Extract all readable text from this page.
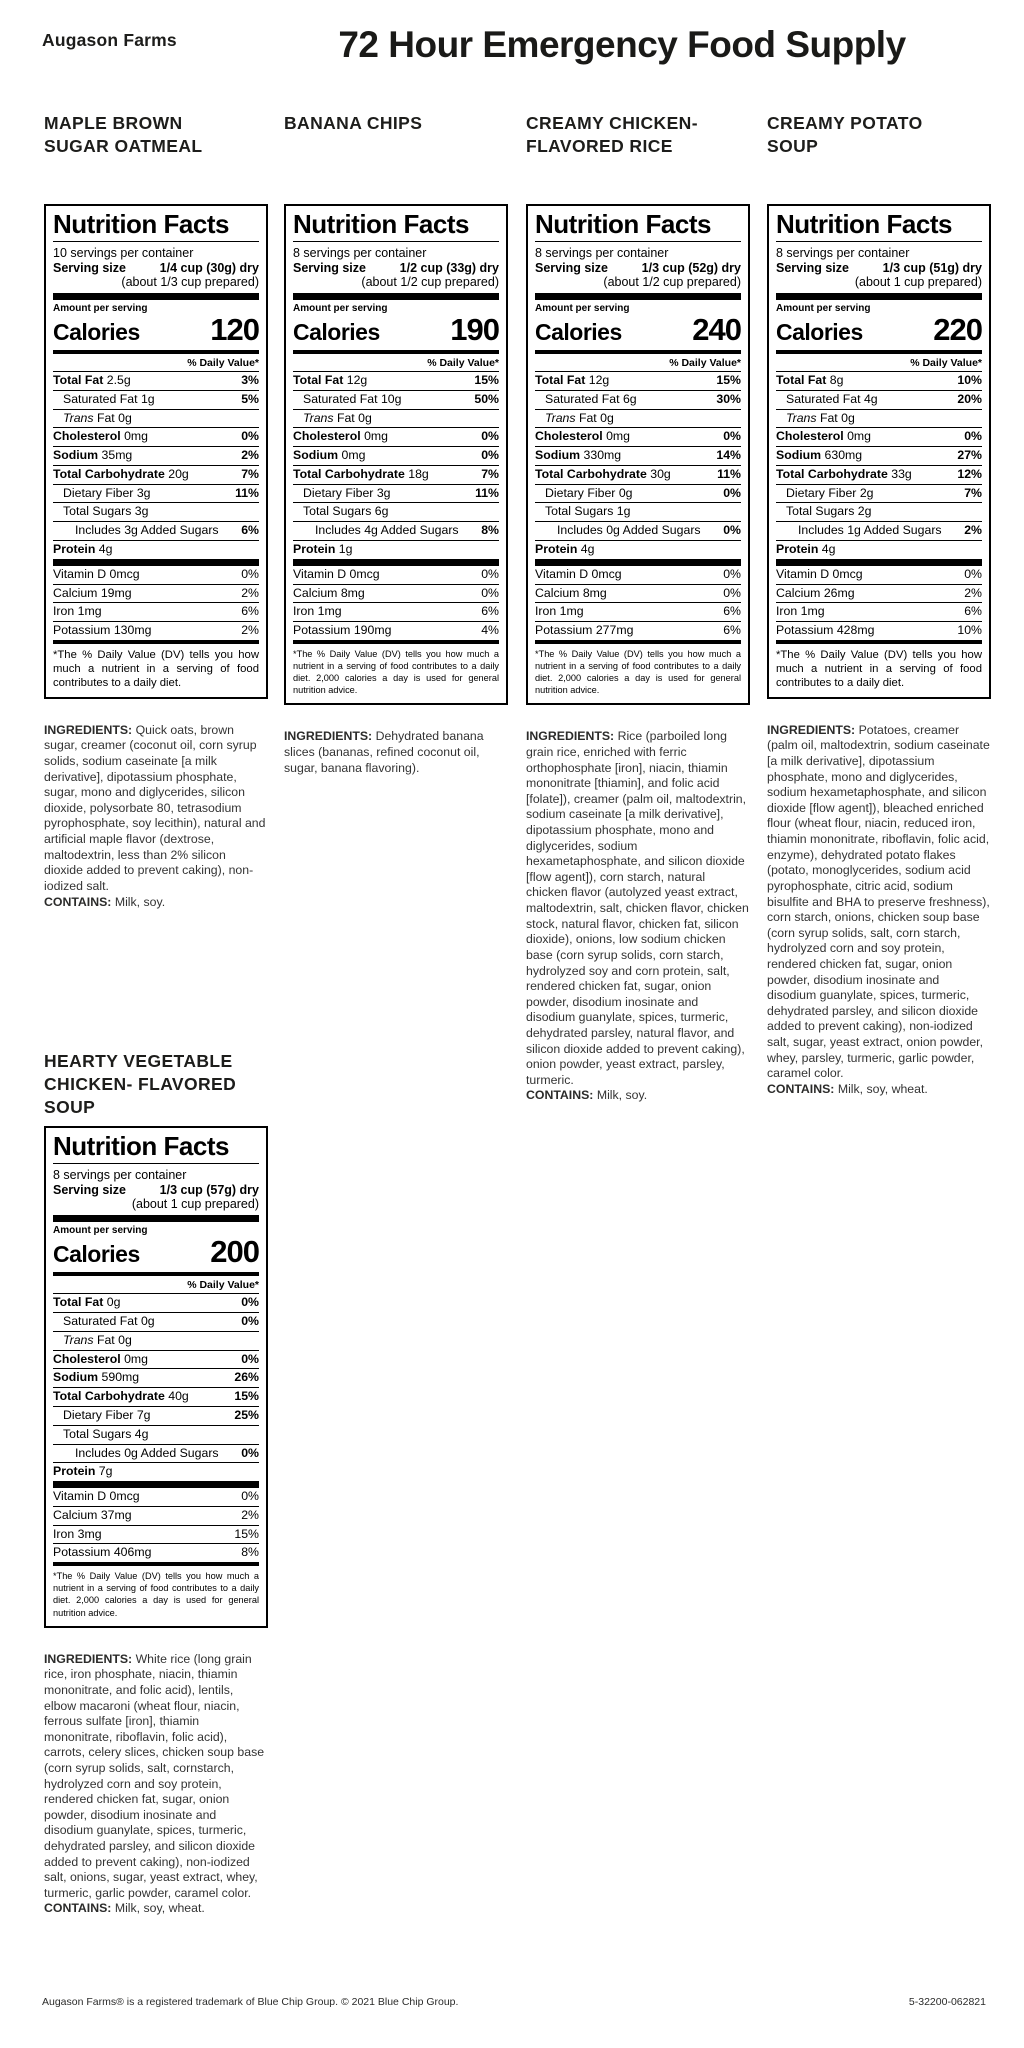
Augason Farms	72 Hour Emergency Food Supply
MAPLE BROWN
SUGAR OATMEAL
Nutrition Facts
10 servings per container
Serving size	1/4 cup (30g) dry
(about 1/3 cup prepared)
Amount per serving
Calories 120
% Daily Value*
Total Fat 2.5g	3%
Saturated Fat 1g	5%
Trans Fat 0g
Cholesterol 0mg	0%
Sodium 35mg	2%
Total Carbohydrate 20g	7%
Dietary Fiber 3g	11%
Total Sugars 3g
Includes 3g Added Sugars 6%
Protein 4g
Vitamin D 0mcg	0%
Calcium 19mg	2%
Iron 1mg	6%
Potassium 130mg	2%
*The % Daily Value (DV) tells you how much a nutrient in a serving of food contributes to a daily diet.
INGREDIENTS: Quick oats, brown sugar, creamer (coconut oil, corn syrup solids, sodium caseinate [a milk derivative], dipotassium phosphate, sugar, mono and diglycerides, silicon dioxide, polysorbate 80, tetrasodium pyrophosphate, soy lecithin), natural and artificial maple flavor (dextrose, maltodextrin, less than 2% silicon dioxide added to prevent caking), non-iodized salt.
CONTAINS: Milk, soy.
BANANA CHIPS
Nutrition Facts
8 servings per container
Serving size	1/2 cup (33g) dry
(about 1/2 cup prepared)
Amount per serving
Calories 190
% Daily Value*
Total Fat 12g	15%
Saturated Fat 10g	50%
Trans Fat 0g
Cholesterol 0mg	0%
Sodium 0mg	0%
Total Carbohydrate 18g	7%
Dietary Fiber 3g	11%
Total Sugars 6g
Includes 4g Added Sugars 8%
Protein 1g
Vitamin D 0mcg	0%
Calcium 8mg	0%
Iron 1mg	6%
Potassium 190mg	4%
*The % Daily Value (DV) tells you how much a nutrient in a serving of food contributes to a daily diet. 2,000 calories a day is used for general nutrition advice.
INGREDIENTS: Dehydrated banana slices (bananas, refined coconut oil, sugar, banana flavoring).
CREAMY CHICKEN-
FLAVORED RICE
Nutrition Facts
8 servings per container
Serving size	1/3 cup (52g) dry
(about 1/2 cup prepared)
Amount per serving
Calories 240
% Daily Value*
Total Fat 12g	15%
Saturated Fat 6g	30%
Trans Fat 0g
Cholesterol 0mg	0%
Sodium 330mg	14%
Total Carbohydrate 30g	11%
Dietary Fiber 0g	0%
Total Sugars 1g
Includes 0g Added Sugars 0%
Protein 4g
Vitamin D 0mcg	0%
Calcium 8mg	0%
Iron 1mg	6%
Potassium 277mg	6%
*The % Daily Value (DV) tells you how much a nutrient in a serving of food contributes to a daily diet. 2,000 calories a day is used for general nutrition advice.
INGREDIENTS: Rice (parboiled long grain rice, enriched with ferric orthophosphate [iron], niacin, thiamin mononitrate [thiamin], and folic acid [folate]), creamer (palm oil, maltodextrin, sodium caseinate [a milk derivative], dipotassium phosphate, mono and diglycerides, sodium hexametaphosphate, and silicon dioxide [flow agent]), corn starch, natural chicken flavor (autolyzed yeast extract, maltodextrin, salt, chicken flavor, chicken stock, natural flavor, chicken fat, silicon dioxide), onions, low sodium chicken base (corn syrup solids, corn starch, hydrolyzed soy and corn protein, salt, rendered chicken fat, sugar, onion powder, disodium inosinate and disodium guanylate, spices, turmeric, dehydrated parsley, natural flavor, and silicon dioxide added to prevent caking), onion powder, yeast extract, parsley, turmeric.
CONTAINS: Milk, soy.
CREAMY POTATO
SOUP
Nutrition Facts
8 servings per container
Serving size	1/3 cup (51g) dry
(about 1 cup prepared)
Amount per serving
Calories 220
% Daily Value*
Total Fat 8g	10%
Saturated Fat 4g	20%
Trans Fat 0g
Cholesterol 0mg	0%
Sodium 630mg	27%
Total Carbohydrate 33g	12%
Dietary Fiber 2g	7%
Total Sugars 2g
Includes 1g Added Sugars 2%
Protein 4g
Vitamin D 0mcg	0%
Calcium 26mg	2%
Iron 1mg	6%
Potassium 428mg	10%
*The % Daily Value (DV) tells you how much a nutrient in a serving of food contributes to a daily diet.
INGREDIENTS: Potatoes, creamer (palm oil, maltodextrin, sodium caseinate [a milk derivative], dipotassium phosphate, mono and diglycerides, sodium hexametaphosphate, and silicon dioxide [flow agent]), bleached enriched flour (wheat flour, niacin, reduced iron, thiamin mononitrate, riboflavin, folic acid, enzyme), dehydrated potato flakes (potato, monoglycerides, sodium acid pyrophosphate, citric acid, sodium bisulfite and BHA to preserve freshness), corn starch, onions, chicken soup base (corn syrup solids, salt, corn starch, hydrolyzed corn and soy protein, rendered chicken fat, sugar, onion powder, disodium inosinate and disodium guanylate, spices, turmeric, dehydrated parsley, and silicon dioxide added to prevent caking), non-iodized salt, sugar, yeast extract, onion powder, whey, parsley, turmeric, garlic powder, caramel color.
CONTAINS: Milk, soy, wheat.
HEARTY VEGETABLE
CHICKEN- FLAVORED
SOUP
Nutrition Facts
8 servings per container
Serving size	1/3 cup (57g) dry
(about 1 cup prepared)
Amount per serving
Calories 200
% Daily Value*
Total Fat 0g	0%
Saturated Fat 0g	0%
Trans Fat 0g
Cholesterol 0mg	0%
Sodium 590mg	26%
Total Carbohydrate 40g	15%
Dietary Fiber 7g	25%
Total Sugars 4g
Includes 0g Added Sugars 0%
Protein 7g
Vitamin D 0mcg	0%
Calcium 37mg	2%
Iron 3mg	15%
Potassium 406mg	8%
*The % Daily Value (DV) tells you how much a nutrient in a serving of food contributes to a daily diet. 2,000 calories a day is used for general nutrition advice.
INGREDIENTS: White rice (long grain rice, iron phosphate, niacin, thiamin mononitrate, and folic acid), lentils, elbow macaroni (wheat flour, niacin, ferrous sulfate [iron], thiamin mononitrate, riboflavin, folic acid), carrots, celery slices, chicken soup base (corn syrup solids, salt, cornstarch, hydrolyzed corn and soy protein, rendered chicken fat, sugar, onion powder, disodium inosinate and disodium guanylate, spices, turmeric, dehydrated parsley, and silicon dioxide added to prevent caking), non-iodized salt, onions, sugar, yeast extract, whey, turmeric, garlic powder, caramel color.
CONTAINS: Milk, soy, wheat.
Augason Farms® is a registered trademark of Blue Chip Group. © 2021 Blue Chip Group.	5-32200-062821
